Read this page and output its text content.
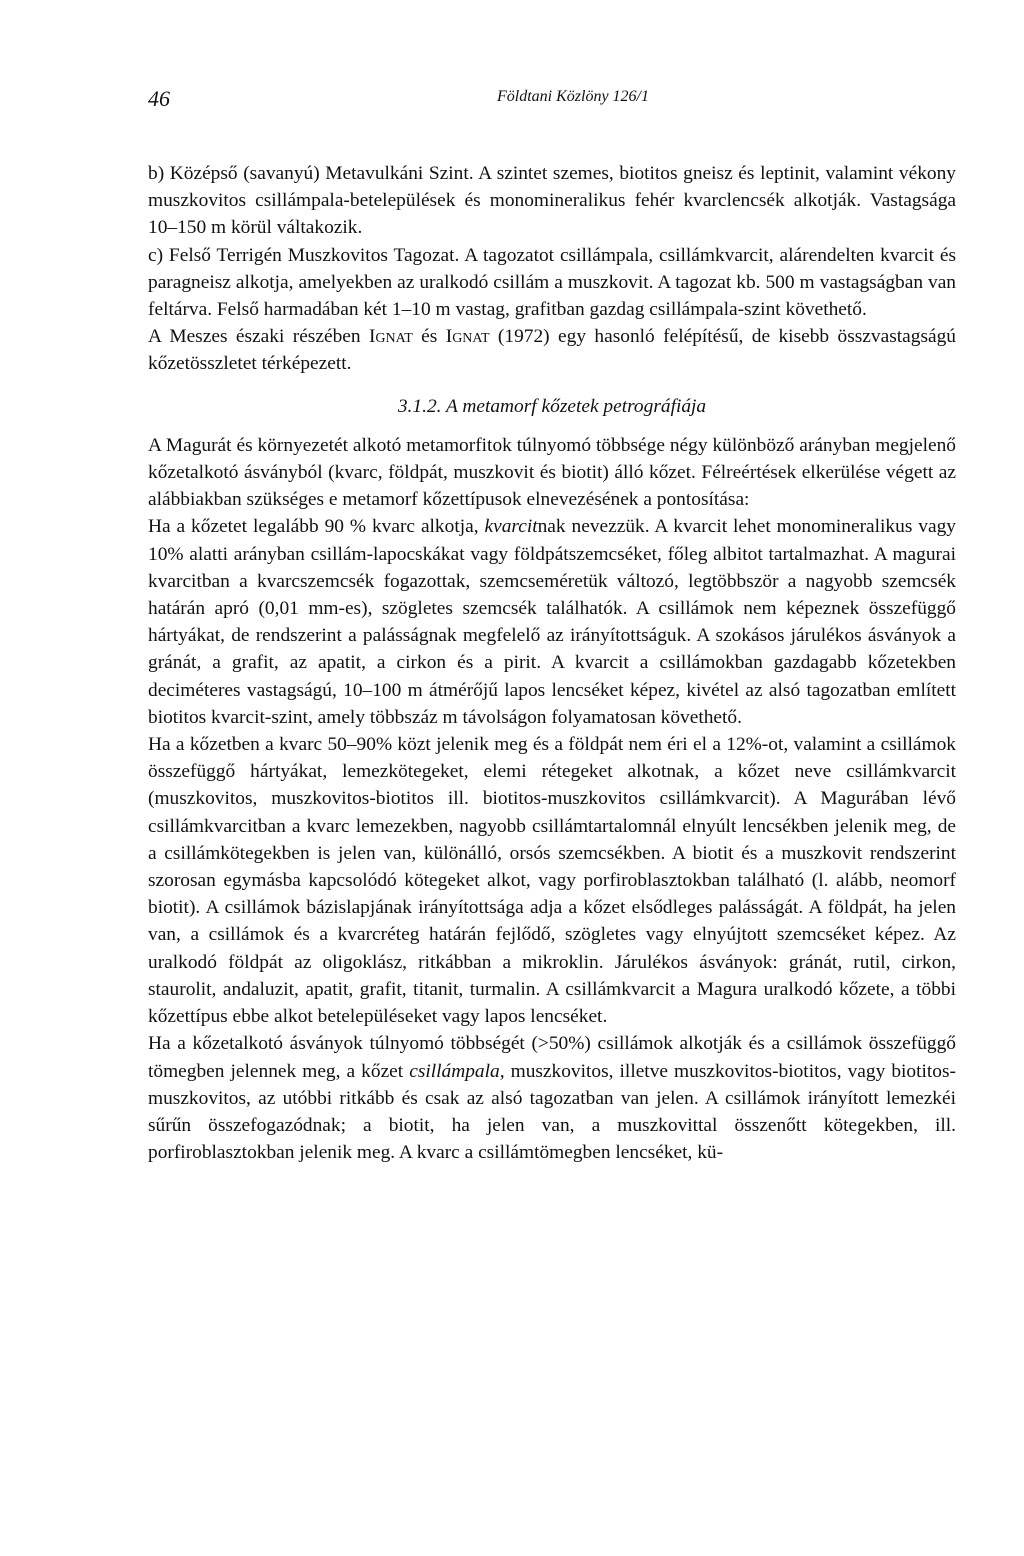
46	Földtani Közlöny 126/1

b) Középső (savanyú) Metavulkáni Szint. A szintet szemes, biotitos gneisz és leptinit, valamint vékony muszkovitos csillámpala-betelepülések és monomineralikus fehér kvarclencsék alkotják. Vastagsága 10–150 m körül váltakozik.

c) Felső Terrigén Muszkovitos Tagozat. A tagozatot csillámpala, csillámkvarcit, alárendelten kvarcit és paragneisz alkotja, amelyekben az uralkodó csillám a muszkovit. A tagozat kb. 500 m vastagságban van feltárva. Felső harmadában két 1–10 m vastag, grafitban gazdag csillámpala-szint követhető.

A Meszes északi részében Ignat és Ignat (1972) egy hasonló felépítésű, de kisebb összvastagságú kőzetösszletet térképezett.

3.1.2. A metamorf kőzetek petrográfiája

A Magurát és környezetét alkotó metamorfitok túlnyomó többsége négy különböző arányban megjelenő kőzetalkotó ásványból (kvarc, földpát, muszkovit és biotit) álló kőzet. Félreértések elkerülése végett az alábbiakban szükséges e metamorf kőzettípusok elnevezésének a pontosítása:

Ha a kőzetet legalább 90 % kvarc alkotja, kvarcitnak nevezzük. A kvarcit lehet monomineralikus vagy 10% alatti arányban csillám-lapocskákat vagy földpátszemcséket, főleg albitot tartalmazhat. A magurai kvarcitban a kvarcszemcsék fogazottak, szemcseméretük változó, legtöbbször a nagyobb szemcsék határán apró (0,01 mm-es), szögletes szemcsék találhatók. A csillámok nem képeznek összefüggő hártyákat, de rendszerint a palásságnak megfelelő az irányítottságuk. A szokásos járulékos ásványok a gránát, a grafit, az apatit, a cirkon és a pirit. A kvarcit a csillámokban gazdagabb kőzetekben deciméteres vastagságú, 10–100 m átmérőjű lapos lencséket képez, kivétel az alsó tagozatban említett biotitos kvarcit-szint, amely többszáz m távolságon folyamatosan követhető.

Ha a kőzetben a kvarc 50–90% közt jelenik meg és a földpát nem éri el a 12%-ot, valamint a csillámok összefüggő hártyákat, lemezkötegeket, elemi rétegeket alkotnak, a kőzet neve csillámkvarcit (muszkovitos, muszkovitos-biotitos ill. biotitos-muszkovitos csillámkvarcit). A Magurában lévő csillámkvarcitban a kvarc lemezekben, nagyobb csillámtartalomnál elnyúlt lencsékben jelenik meg, de a csillámkötegekben is jelen van, különálló, orsós szemcsékben. A biotit és a muszkovit rendszerint szorosan egymásba kapcsolódó kötegeket alkot, vagy porfiroblasztokban található (l. alább, neomorf biotit). A csillámok bázislapjának irányítottsága adja a kőzet elsődleges palásságát. A földpát, ha jelen van, a csillámok és a kvarcréteg határán fejlődő, szögletes vagy elnyújtott szemcséket képez. Az uralkodó földpát az oligoklász, ritkábban a mikroklin. Járulékos ásványok: gránát, rutil, cirkon, staurolit, andaluzit, apatit, grafit, titanit, turmalin. A csillámkvarcit a Magura uralkodó kőzete, a többi kőzettípus ebbe alkot betelepüléseket vagy lapos lencséket.

Ha a kőzetalkotó ásványok túlnyomó többségét (>50%) csillámok alkotják és a csillámok összefüggő tömegben jelennek meg, a kőzet csillámpala, muszkovitos, illetve muszkovitos-biotitos, vagy biotitos-muszkovitos, az utóbbi ritkább és csak az alsó tagozatban van jelen. A csillámok irányított lemezkéi sűrűn összefogazódnak; a biotit, ha jelen van, a muszkovittal összenőtt kötegekben, ill. porfiroblasztokban jelenik meg. A kvarc a csillámtömegben lencséket, kü-
